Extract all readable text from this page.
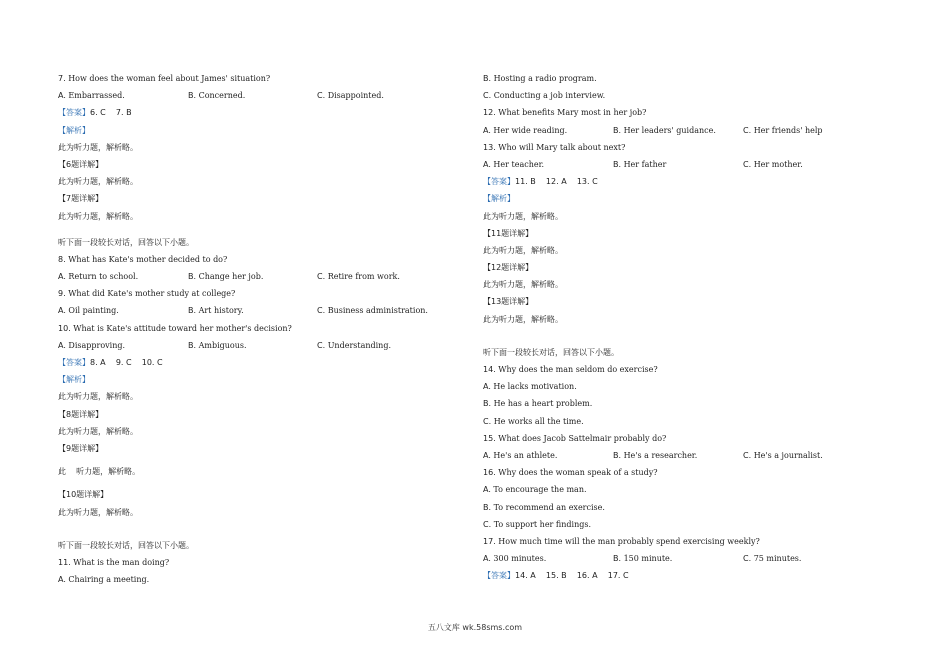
7. How does the woman feel about James' situation?
A. Embarrassed.	B. Concerned.	C. Disappointed.
【答案】6. C    7. B
【解析】
此为听力题，解析略。
【6题详解】
此为听力题，解析略。
【7题详解】
此为听力题，解析略。
听下面一段较长对话，回答以下小题。
8. What has Kate's mother decided to do?
A. Return to school.	B. Change her job.	C. Retire from work.
9. What did Kate's mother study at college?
A. Oil painting.	B. Art history.	C. Business administration.
10. What is Kate's attitude toward her mother's decision?
A. Disapproving.	B. Ambiguous.	C. Understanding.
【答案】8. A    9. C    10. C
【解析】
此为听力题，解析略。
【8题详解】
此为听力题，解析略。
【9题详解】
此    听力题，解析略。
【10题详解】
此为听力题，解析略。
听下面一段较长对话，回答以下小题。
11. What is the man doing?
A. Chairing a meeting.
B. Hosting a radio program.
C. Conducting a job interview.
12. What benefits Mary most in her job?
A. Her wide reading.	B. Her leaders' guidance.	C. Her friends' help
13. Who will Mary talk about next?
A. Her teacher.	B. Her father	C. Her mother.
【答案】11. B    12. A    13. C
【解析】
此为听力题，解析略。
【11题详解】
此为听力题，解析略。
【12题详解】
此为听力题，解析略。
【13题详解】
此为听力题，解析略。
听下面一段较长对话，回答以下小题。
14. Why does the man seldom do exercise?
A. He lacks motivation.
B. He has a heart problem.
C. He works all the time.
15. What does Jacob Sattelmair probably do?
A. He's an athlete.	B. He's a researcher.	C. He's a journalist.
16. Why does the woman speak of a study?
A. To encourage the man.
B. To recommend an exercise.
C. To support her findings.
17. How much time will the man probably spend exercising weekly?
A. 300 minutes.	B. 150 minute.	C. 75 minutes.
【答案】14. A    15. B    16. A    17. C
五八文库 wk.58sms.com
